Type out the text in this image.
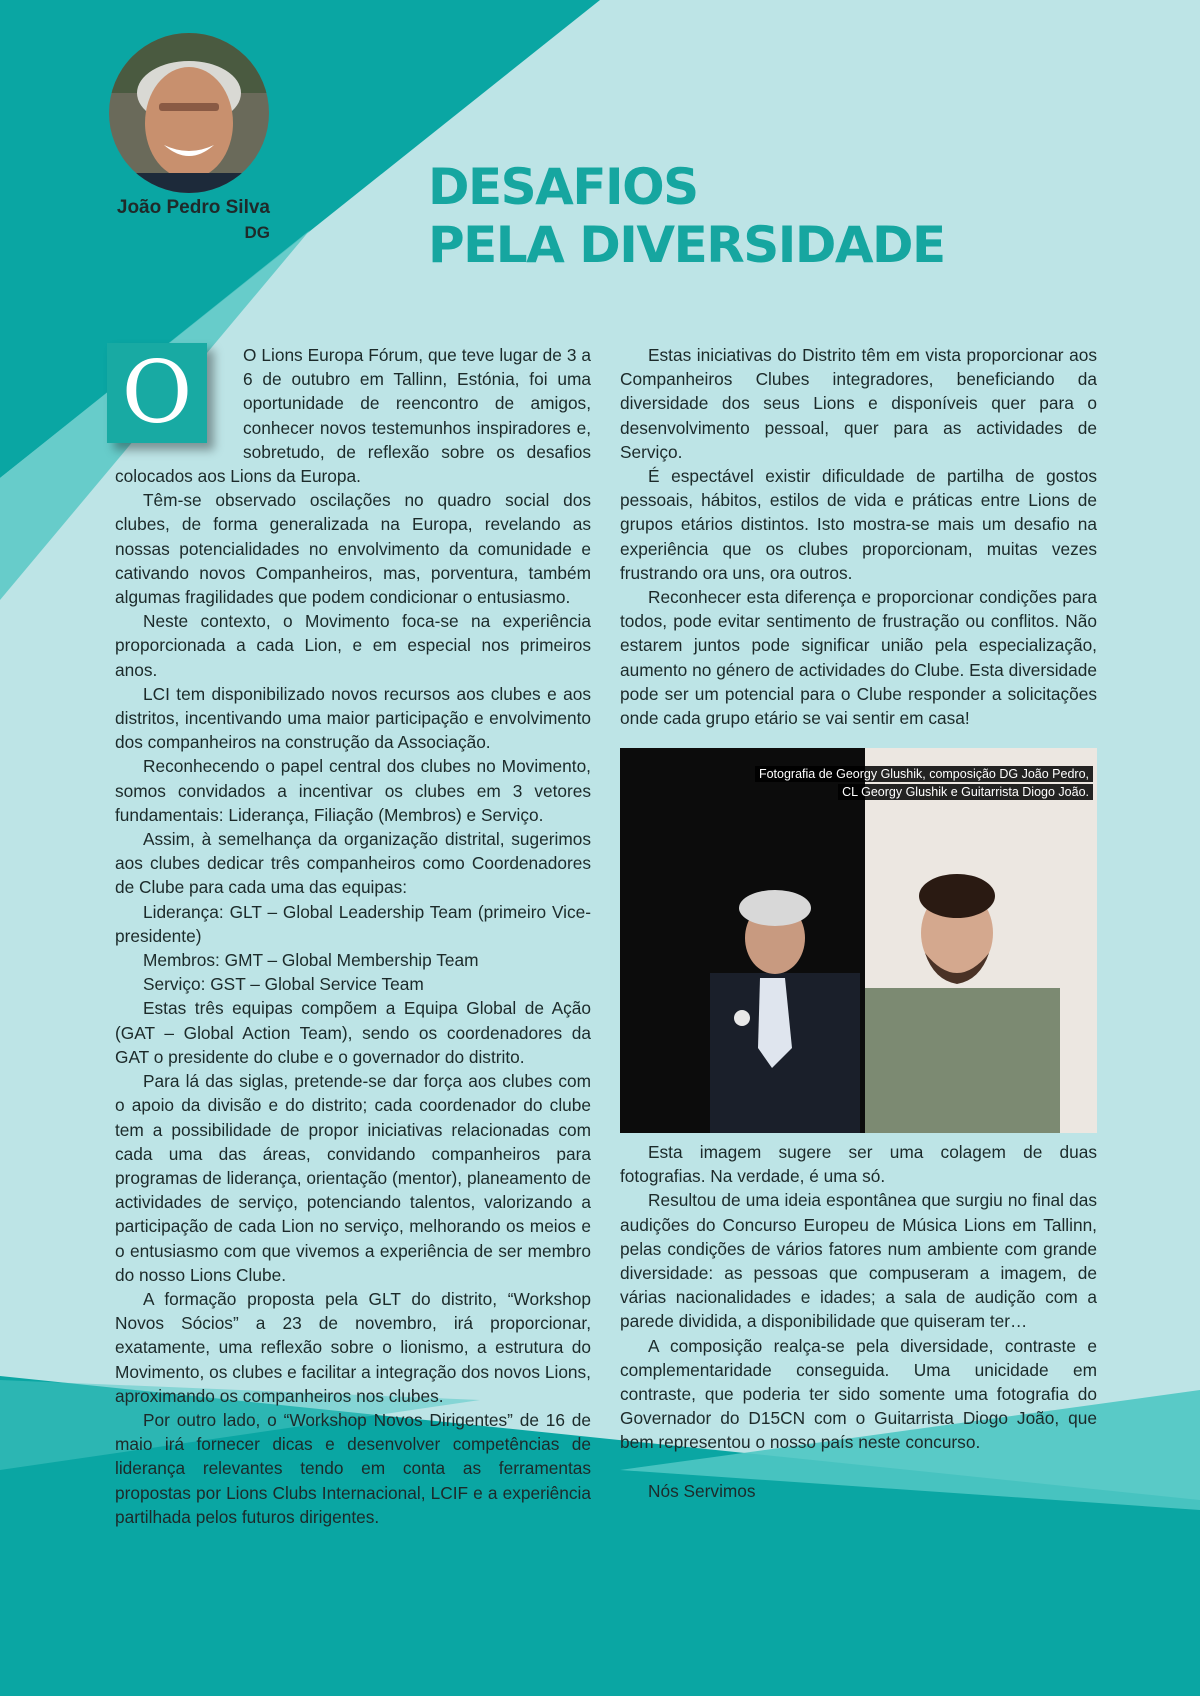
João Pedro Silva
DG
DESAFIOS
PELA DIVERSIDADE

O	O Lions Europa Fórum, que teve lugar de 3 a 6 de outubro em Tallinn, Estónia, foi uma oportunidade de reencontro de amigos, conhecer novos testemunhos inspiradores e, sobretudo, de reflexão sobre os desafios colocados aos Lions da Europa.

Têm-se observado oscilações no quadro social dos clubes, de forma generalizada na Europa, revelando as nossas potencialidades no envolvimento da comunidade e cativando novos Companheiros, mas, porventura, também algumas fragilidades que podem condicionar o entusiasmo.

Neste contexto, o Movimento foca-se na experiência proporcionada a cada Lion, e em especial nos primeiros anos.

LCI tem disponibilizado novos recursos aos clubes e aos distritos, incentivando uma maior participação e envolvimento dos companheiros na construção da Associação.

Reconhecendo o papel central dos clubes no Movimento, somos convidados a incentivar os clubes em 3 vetores fundamentais: Liderança, Filiação (Membros) e Serviço.

Assim, à semelhança da organização distrital, sugerimos aos clubes dedicar três companheiros como Coordenadores de Clube para cada uma das equipas:

Liderança: GLT – Global Leadership Team (primeiro Vice-presidente)

Membros: GMT – Global Membership Team

Serviço: GST – Global Service Team

Estas três equipas compõem a Equipa Global de Ação (GAT – Global Action Team), sendo os coordenadores da GAT o presidente do clube e o governador do distrito.

Para lá das siglas, pretende-se dar força aos clubes com o apoio da divisão e do distrito; cada coordenador do clube tem a possibilidade de propor iniciativas relacionadas com cada uma das áreas, convidando companheiros para programas de liderança, orientação (mentor), planeamento de actividades de serviço, potenciando talentos, valorizando a participação de cada Lion no serviço, melhorando os meios e o entusiasmo com que vivemos a experiência de ser membro do nosso Lions Clube.

A formação proposta pela GLT do distrito, “Workshop Novos Sócios” a 23 de novembro, irá proporcionar, exatamente, uma reflexão sobre o lionismo, a estrutura do Movimento, os clubes e facilitar a integração dos novos Lions, aproximando os companheiros nos clubes.

Por outro lado, o “Workshop Novos Dirigentes” de 16 de maio irá fornecer dicas e desenvolver competências de liderança relevantes tendo em conta as ferramentas propostas por Lions Clubs Internacional, LCIF e a experiência partilhada pelos futuros dirigentes.

Estas iniciativas do Distrito têm em vista proporcionar aos Companheiros Clubes integradores, beneficiando da diversidade dos seus Lions e disponíveis quer para o desenvolvimento pessoal, quer para as actividades de Serviço.

É espectável existir dificuldade de partilha de gostos pessoais, hábitos, estilos de vida e práticas entre Lions de grupos etários distintos. Isto mostra-se mais um desafio na experiência que os clubes proporcionam, muitas vezes frustrando ora uns, ora outros.

Reconhecer esta diferença e proporcionar condições para todos, pode evitar sentimento de frustração ou conflitos. Não estarem juntos pode significar união pela especialização, aumento no género de actividades do Clube. Esta diversidade pode ser um potencial para o Clube responder a solicitações onde cada grupo etário se vai sentir em casa!

Fotografia de Georgy Glushik, composição DG João Pedro,
CL Georgy Glushik e Guitarrista Diogo João.

Esta imagem sugere ser uma colagem de duas fotografias. Na verdade, é uma só.

Resultou de uma ideia espontânea que surgiu no final das audições do Concurso Europeu de Música Lions em Tallinn, pelas condições de vários fatores num ambiente com grande diversidade: as pessoas que compuseram a imagem, de várias nacionalidades e idades; a sala de audição com a parede dividida, a disponibilidade que quiseram ter…

A composição realça-se pela diversidade, contraste e complementaridade conseguida. Uma unicidade em contraste, que poderia ter sido somente uma fotografia do Governador do D15CN com o Guitarrista Diogo João, que bem representou o nosso país neste concurso.

Nós Servimos
